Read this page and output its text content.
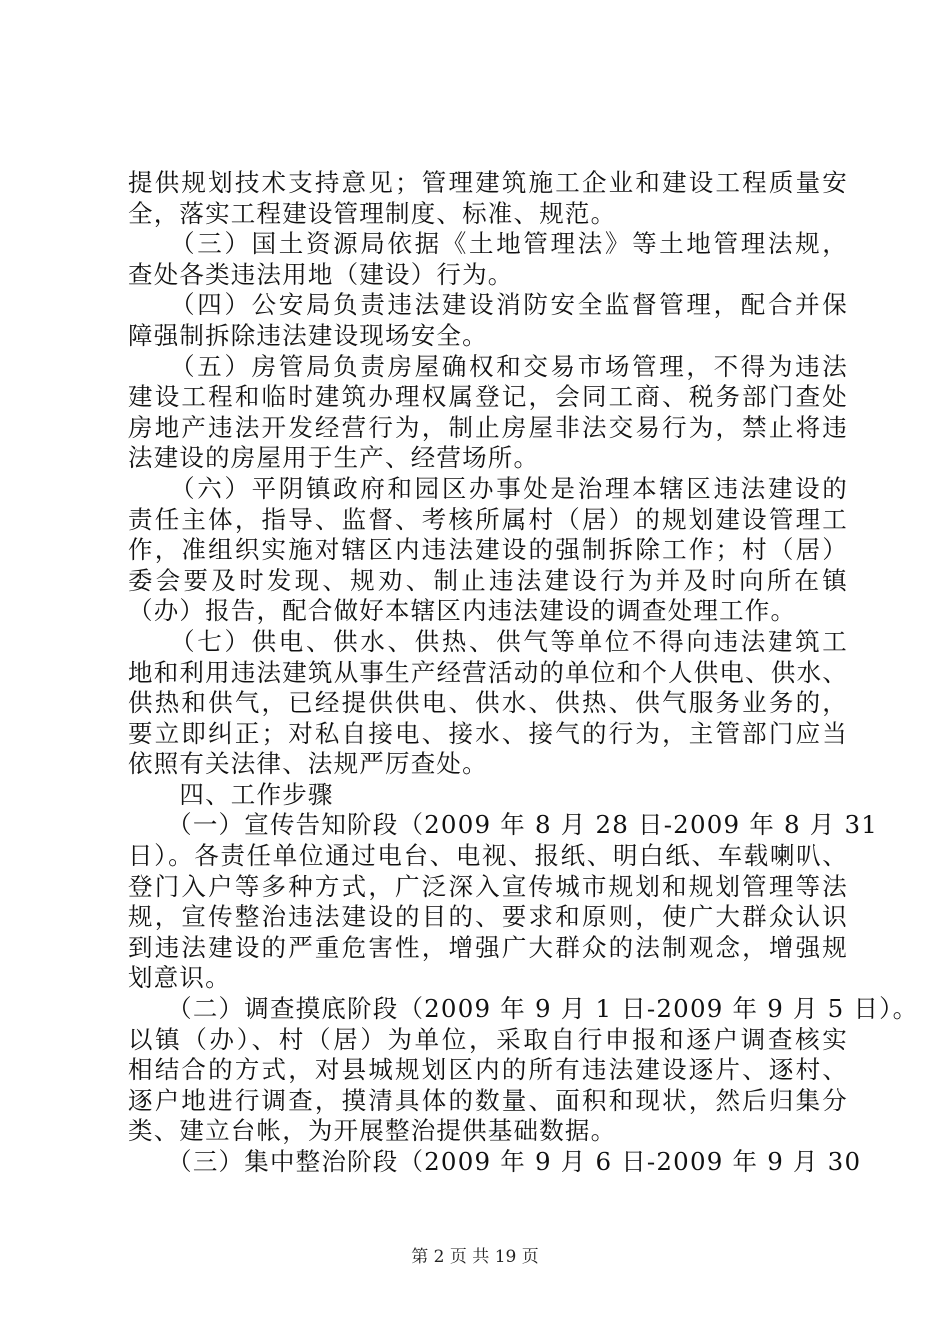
提供规划技术支持意见；管理建筑施工企业和建设工程质量安
全，落实工程建设管理制度、标准、规范。
　　（三）国土资源局依据《土地管理法》等土地管理法规，
查处各类违法用地（建设）行为。
　　（四）公安局负责违法建设消防安全监督管理，配合并保
障强制拆除违法建设现场安全。
　　（五）房管局负责房屋确权和交易市场管理，不得为违法
建设工程和临时建筑办理权属登记，会同工商、税务部门查处
房地产违法开发经营行为，制止房屋非法交易行为，禁止将违
法建设的房屋用于生产、经营场所。
　　（六）平阴镇政府和园区办事处是治理本辖区违法建设的
责任主体，指导、监督、考核所属村（居）的规划建设管理工
作，准组织实施对辖区内违法建设的强制拆除工作；村（居）
委会要及时发现、规劝、制止违法建设行为并及时向所在镇
（办）报告，配合做好本辖区内违法建设的调查处理工作。
　　（七）供电、供水、供热、供气等单位不得向违法建筑工
地和利用违法建筑从事生产经营活动的单位和个人供电、供水、
供热和供气，已经提供供电、供水、供热、供气服务业务的，
要立即纠正；对私自接电、接水、接气的行为，主管部门应当
依照有关法律、法规严厉查处。
　　四、工作步骤
　　（一）宣传告知阶段（2009 年 8 月 28 日-2009 年 8 月 31
日）。各责任单位通过电台、电视、报纸、明白纸、车载喇叭、
登门入户等多种方式，广泛深入宣传城市规划和规划管理等法
规，宣传整治违法建设的目的、要求和原则，使广大群众认识
到违法建设的严重危害性，增强广大群众的法制观念，增强规
划意识。
　　（二）调查摸底阶段（2009 年 9 月 1 日-2009 年 9 月 5 日）。
以镇（办）、村（居）为单位，采取自行申报和逐户调查核实
相结合的方式，对县城规划区内的所有违法建设逐片、逐村、
逐户地进行调查，摸清具体的数量、面积和现状，然后归集分
类、建立台帐，为开展整治提供基础数据。
　　（三）集中整治阶段（2009 年 9 月 6 日-2009 年 9 月 30
第 2 页 共 19 页
